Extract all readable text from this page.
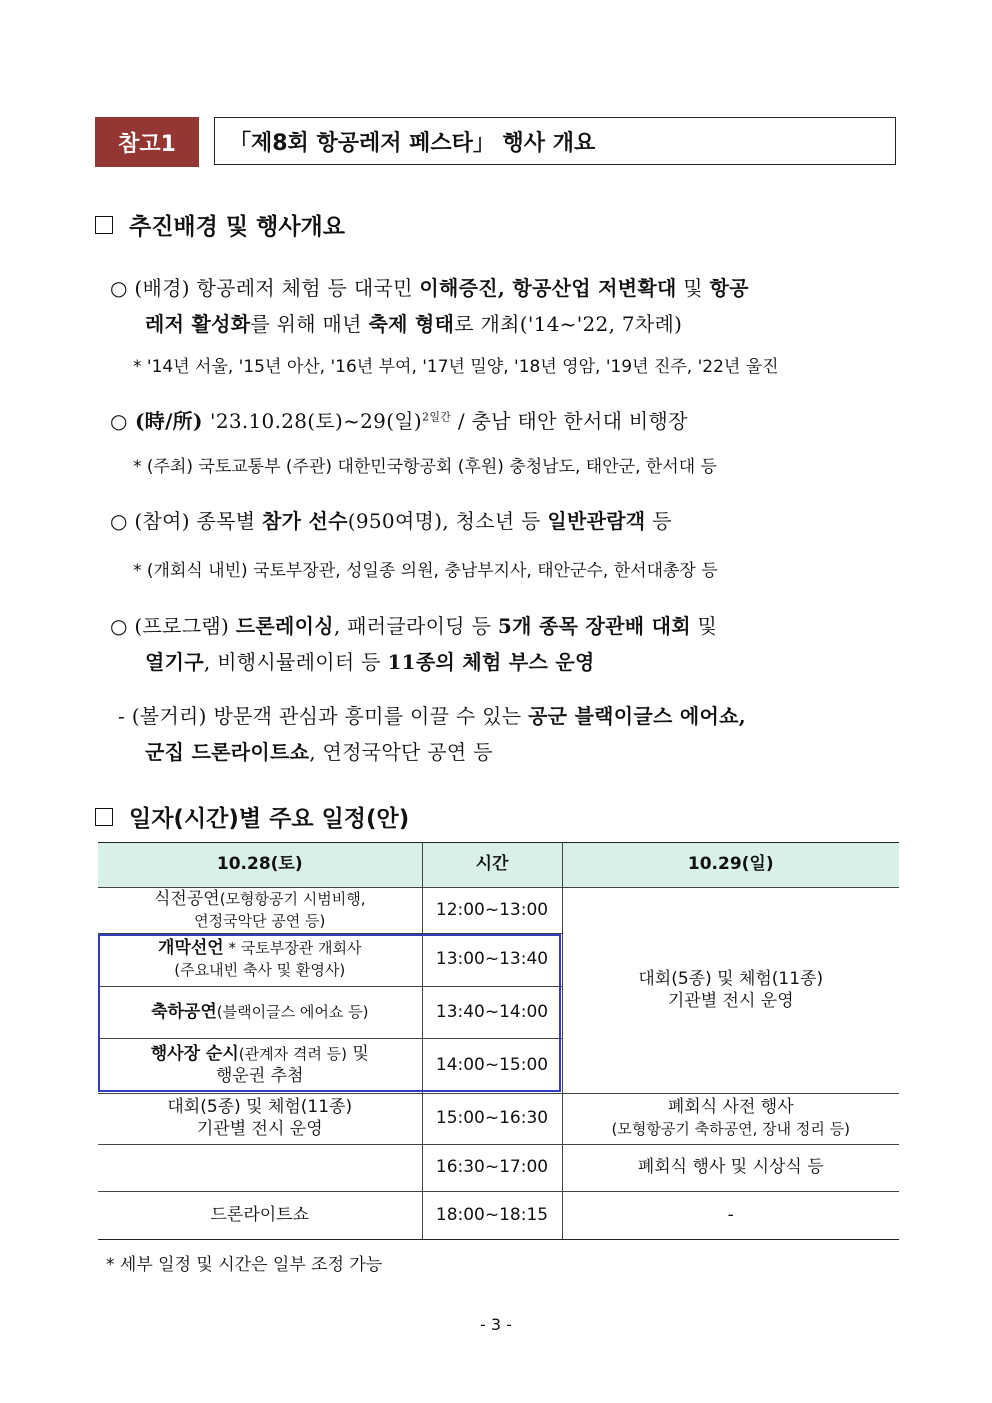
참고1	「제8회 항공레저 페스타」 행사 개요
추진배경 및 행사개요
○ (배경) 항공레저 체험 등 대국민 이해증진, 항공산업 저변확대 및 항공
레저 활성화를 위해 매년 축제 형태로 개최('14~'22, 7차례)
* '14년 서울, '15년 아산, '16년 부여, '17년 밀양, '18년 영암, '19년 진주, '22년 울진
○ (時/所) '23.10.28(토)~29(일)$^{2일간}$ / 충남 태안 한서대 비행장
* (주최) 국토교통부 (주관) 대한민국항공회 (후원) 충청남도, 태안군, 한서대 등
○ (참여) 종목별 참가 선수(950여명), 청소년 등 일반관람객 등
* (개회식 내빈) 국토부장관, 성일종 의원, 충남부지사, 태안군수, 한서대총장 등
○ (프로그램) 드론레이싱, 패러글라이딩 등 5개 종목 장관배 대회 및
열기구, 비행시뮬레이터 등 11종의 체험 부스 운영
- (볼거리) 방문객 관심과 흥미를 이끌 수 있는 공군 블랙이글스 에어쇼,
군집 드론라이트쇼, 연정국악단 공연 등
일자(시간)별 주요 일정(안)
10.28(토)	시간	10.29(일)
식전공연(모형항공기 시범비행,
연정국악단 공연 등)	12:00~13:00	대회(5종) 및 체험(11종)
기관별 전시 운영
개막선언 * 국토부장관 개회사
(주요내빈 축사 및 환영사)	13:00~13:40	
축하공연(블랙이글스 에어쇼 등)	13:40~14:00	
행사장 순시(관계자 격려 등) 및
행운권 추첨	14:00~15:00	
대회(5종) 및 체험(11종)
기관별 전시 운영	15:00~16:30	폐회식 사전 행사
(모형항공기 축하공연, 장내 정리 등)
	16:30~17:00	폐회식 행사 및 시상식 등
드론라이트쇼	18:00~18:15	-
* 세부 일정 및 시간은 일부 조정 가능
- 3 -
